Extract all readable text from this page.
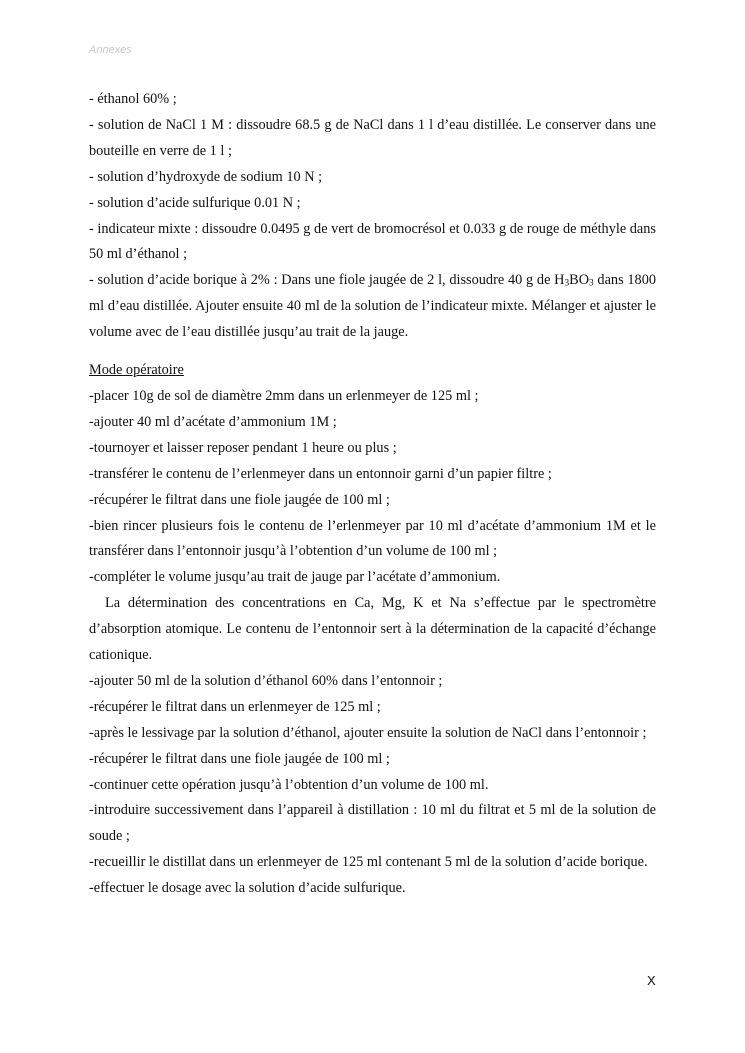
Annexes

- éthanol 60% ;

- solution de NaCl 1 M : dissoudre 68.5 g de NaCl dans 1 l d’eau distillée. Le conserver dans une bouteille en verre de 1 l ;

- solution d’hydroxyde de sodium 10 N ;

- solution d’acide sulfurique 0.01 N ;

- indicateur mixte : dissoudre 0.0495 g de vert de bromocrésol et 0.033 g de rouge de méthyle dans 50 ml d’éthanol ;

- solution d’acide borique à 2% : Dans une fiole jaugée de 2 l, dissoudre 40 g de $H_3BO_3$ dans 1800 ml d’eau distillée. Ajouter ensuite 40 ml de la solution de l’indicateur mixte. Mélanger et ajuster le volume avec de l’eau distillée jusqu’au trait de la jauge.

Mode opératoire

-placer 10g de sol de diamètre 2mm dans un erlenmeyer de 125 ml ;

-ajouter 40 ml d’acétate d’ammonium 1M ;

-tournoyer et laisser reposer pendant 1 heure ou plus ;

-transférer le contenu de l’erlenmeyer dans un entonnoir garni d’un papier filtre ;

-récupérer le filtrat dans une fiole jaugée de 100 ml ;

-bien rincer plusieurs fois le contenu de l’erlenmeyer par 10 ml d’acétate d’ammonium 1M et le transférer dans l’entonnoir jusqu’à l’obtention d’un volume de 100 ml ;

-compléter le volume jusqu’au trait de jauge par l’acétate d’ammonium.

La détermination des concentrations en Ca, Mg, K et Na s’effectue par le spectromètre d’absorption atomique. Le contenu de l’entonnoir sert à la détermination de la capacité d’échange cationique.

-ajouter 50 ml de la solution d’éthanol 60% dans l’entonnoir ;

-récupérer le filtrat dans un erlenmeyer de 125 ml ;

-après le lessivage par la solution d’éthanol, ajouter ensuite la solution de NaCl dans l’entonnoir ;

-récupérer le filtrat dans une fiole jaugée de 100 ml ;

-continuer cette opération jusqu’à l’obtention d’un volume de 100 ml.

-introduire successivement dans l’appareil à distillation : 10 ml du filtrat et 5 ml de la solution de soude ;

-recueillir le distillat dans un erlenmeyer de 125 ml contenant 5 ml de la solution d’acide borique.

-effectuer le dosage avec la solution d’acide sulfurique.

X
